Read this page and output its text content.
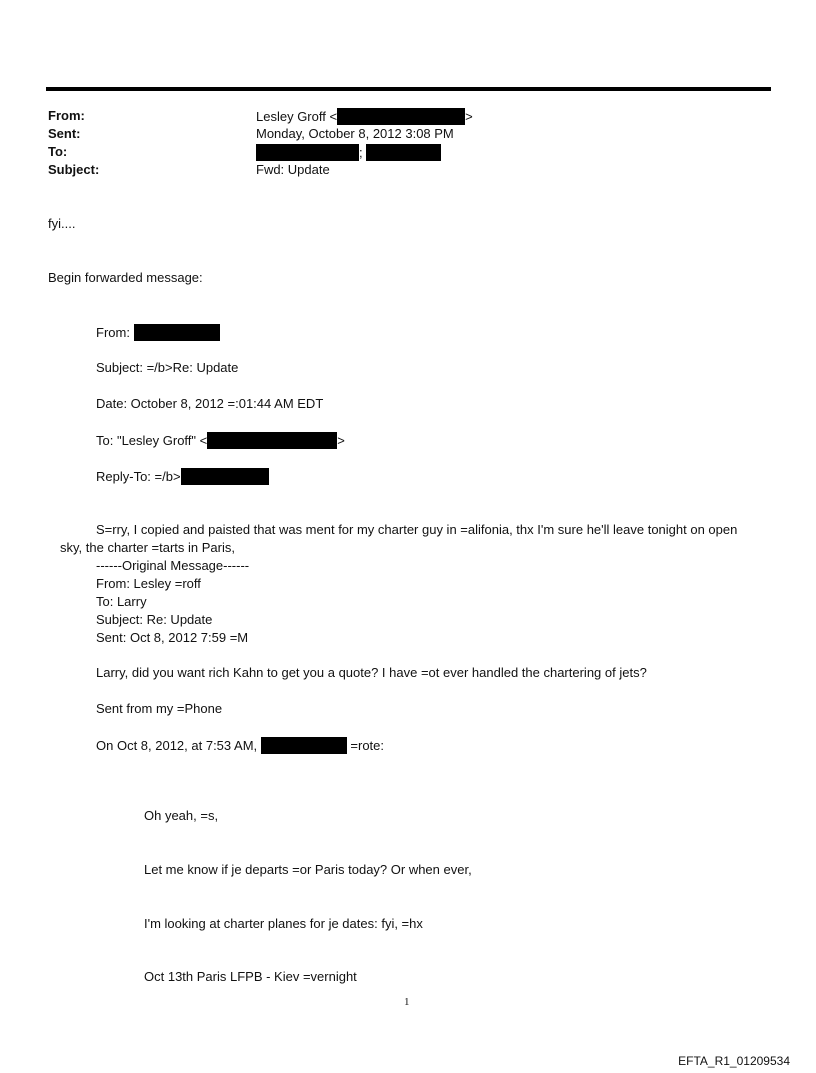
From:	Lesley Groff <	>
Sent:	Monday, October 8, 2012 3:08 PM
To:	;
Subject:	Fwd: Update
fyi....
Begin forwarded message:
From:
Subject: =/b>Re: Update
Date: October 8, 2012 =:01:44 AM EDT
To: "Lesley Groff" <	>
Reply-To: =/b>
S=rry, I copied and paisted that was ment for my charter guy in =alifonia, thx I'm sure he'll leave tonight on open
sky, the charter =tarts in Paris,
------Original Message------
From: Lesley =roff
To: Larry
Subject: Re: Update
Sent: Oct 8, 2012 7:59 =M
Larry, did you want rich Kahn to get you a quote? I have =ot ever handled the chartering of jets?
Sent from my =Phone
On Oct 8, 2012, at 7:53 AM,	=rote:
Oh yeah, =s,
Let me know if je departs =or Paris today? Or when ever,
I'm looking at charter planes for je dates: fyi, =hx
Oct 13th Paris LFPB - Kiev =vernight
1
EFTA_R1_01209534
